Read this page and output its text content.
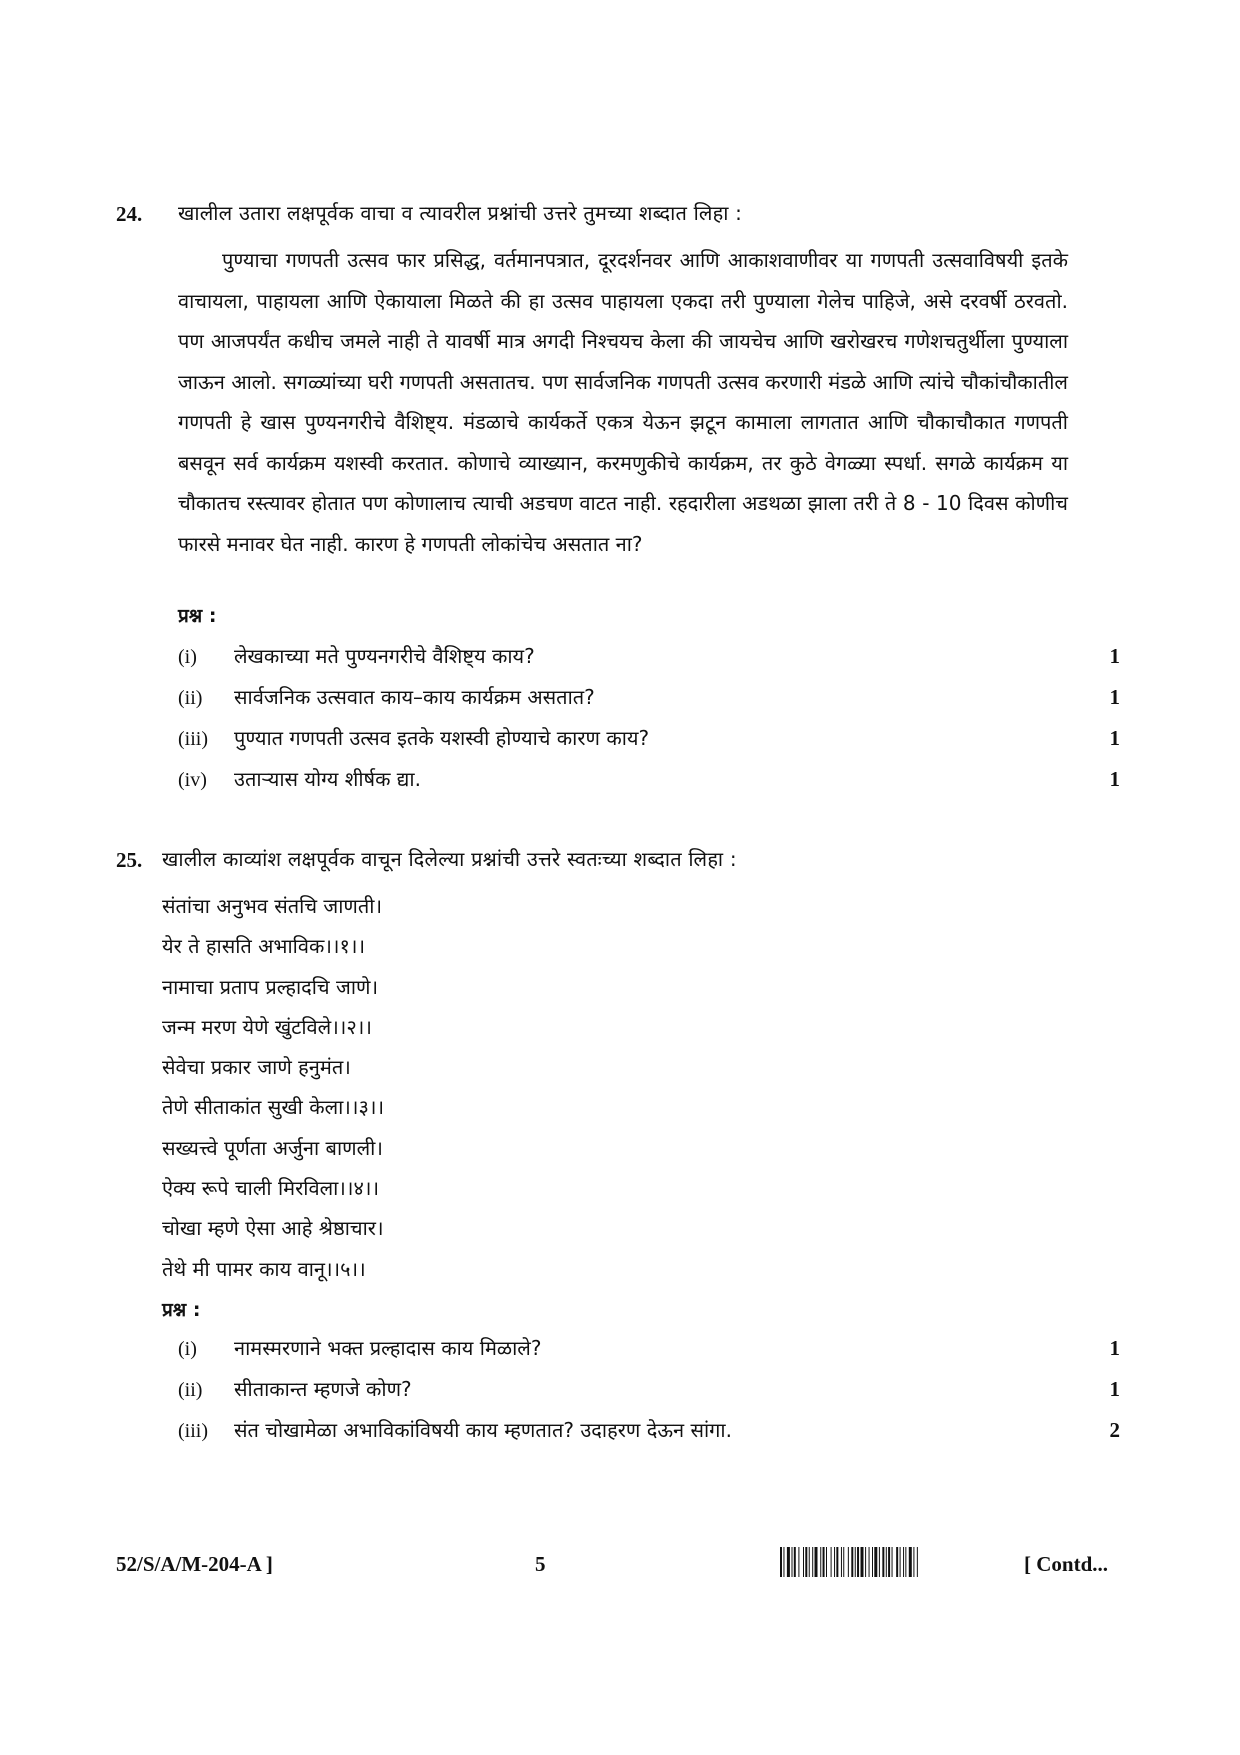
24. खालील उतारा लक्षपूर्वक वाचा व त्यावरील प्रश्नांची उत्तरे तुमच्या शब्दात लिहा :
पुण्याचा गणपती उत्सव फार प्रसिद्ध, वर्तमानपत्रात, दूरदर्शनवर आणि आकाशवाणीवर या गणपती उत्सवाविषयी इतके वाचायला, पाहायला आणि ऐकायाला मिळते की हा उत्सव पाहायला एकदा तरी पुण्याला गेलेच पाहिजे, असे दरवर्षी ठरवतो. पण आजपर्यंत कधीच जमले नाही ते यावर्षी मात्र अगदी निश्चयच केला की जायचेच आणि खरोखरच गणेशचतुर्थीला पुण्याला जाऊन आलो. सगळ्यांच्या घरी गणपती असतातच. पण सार्वजनिक गणपती उत्सव करणारी मंडळे आणि त्यांचे चौकांचौकातील गणपती हे खास पुण्यनगरीचे वैशिष्ट्य. मंडळाचे कार्यकर्ते एकत्र येऊन झटून कामाला लागतात आणि चौकाचौकात गणपती बसवून सर्व कार्यक्रम यशस्वी करतात. कोणाचे व्याख्यान, करमणुकीचे कार्यक्रम, तर कुठे वेगळ्या स्पर्धा. सगळे कार्यक्रम या चौकातच रस्त्यावर होतात पण कोणालाच त्याची अडचण वाटत नाही. रहदारीला अडथळा झाला तरी ते 8 - 10 दिवस कोणीच फारसे मनावर घेत नाही. कारण हे गणपती लोकांचेच असतात ना?
प्रश्न :
(i) लेखकाच्या मते पुण्यनगरीचे वैशिष्ट्य काय?	1
(ii) सार्वजनिक उत्सवात काय–काय कार्यक्रम असतात?	1
(iii) पुण्यात गणपती उत्सव इतके यशस्वी होण्याचे कारण काय?	1
(iv) उतार्‍यास योग्य शीर्षक द्या.	1
25. खालील काव्यांश लक्षपूर्वक वाचून दिलेल्या प्रश्नांची उत्तरे स्वतःच्या शब्दात लिहा :
संतांचा अनुभव संतचि जाणती।
येर ते हासति अभाविक।।१।।
नामाचा प्रताप प्रल्हादचि जाणे।
जन्म मरण येणे खुंटविले।।२।।
सेवेचा प्रकार जाणे हनुमंत।
तेणे सीताकांत सुखी केला।।३।।
सख्यत्त्वे पूर्णता अर्जुना बाणली।
ऐक्य रूपे चाली मिरविला।।४।।
चोखा म्हणे ऐसा आहे श्रेष्ठाचार।
तेथे मी पामर काय वानू।।५।।
प्रश्न :
(i) नामस्मरणाने भक्त प्रल्हादास काय मिळाले?	1
(ii) सीताकान्त म्हणजे कोण?	1
(iii) संत चोखामेळा अभाविकांविषयी काय म्हणतात? उदाहरण देऊन सांगा.	2
52/S/A/M-204-A ]	5	[ Contd...
